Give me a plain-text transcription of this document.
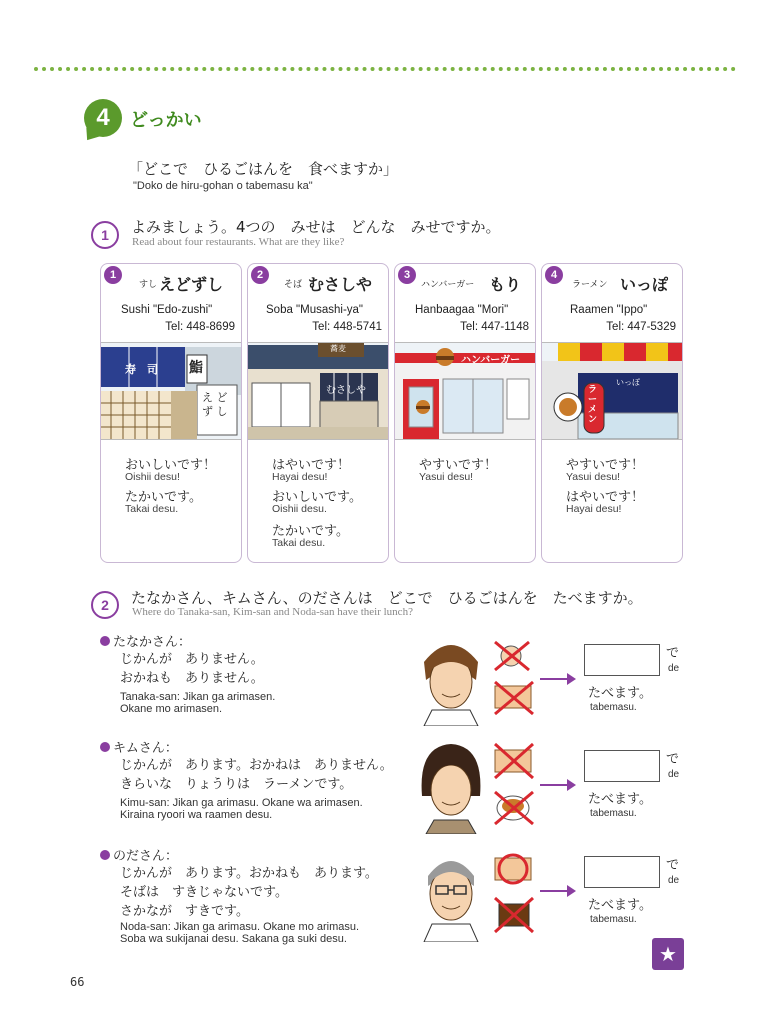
4	どっかい
「どこで　ひるごはんを　食べますか」
"Doko de hiru-gohan o tabemasu ka"
1	よみましょう。4つの　みせは　どんな　みせですか。
Read about four restaurants. What are they like?
1
すし えどずし
Sushi "Edo-zushi"
Tel: 448-8699
寿　司 鮨
え ど
ず し
おいしいです！
Oishii desu!
たかいです。
Takai desu.
2
そば むさしや
Soba "Musashi-ya"
Tel: 448-5741
蕎麦
むさしや
はやいです！
Hayai desu!
おいしいです。
Oishii desu.
たかいです。
Takai desu.
3
ハンバーガー もり
Hanbaagaa "Mori"
Tel: 447-1148
ハンバーガー
やすいです！
Yasui desu!
4
ラーメン いっぽ
Raamen "Ippo"
Tel: 447-5329
いっぽ
ラーメン
やすいです！
Yasui desu!
はやいです！
Hayai desu!
2	たなかさん、キムさん、のださんは　どこで　ひるごはんを　たべますか。
Where do Tanaka-san, Kim-san and Noda-san have their lunch?
たなかさん：
じかんが　ありません。
おかねも　ありません。
Tanaka-san: Jikan ga arimasen.
Okane mo arimasen.
で
de
たべます。
tabemasu.
キムさん：
じかんが　あります。おかねは　ありません。
きらいな　りょうりは　ラーメンです。
Kimu-san: Jikan ga arimasu. Okane wa arimasen.
Kiraina ryoori wa raamen desu.
で
de
たべます。
tabemasu.
のださん：
じかんが　あります。おかねも　あります。
そばは　すきじゃないです。
さかなが　すきです。
Noda-san: Jikan ga arimasu. Okane mo arimasu.
Soba wa sukijanai desu. Sakana ga suki desu.
で
de
たべます。
tabemasu.
★
66
